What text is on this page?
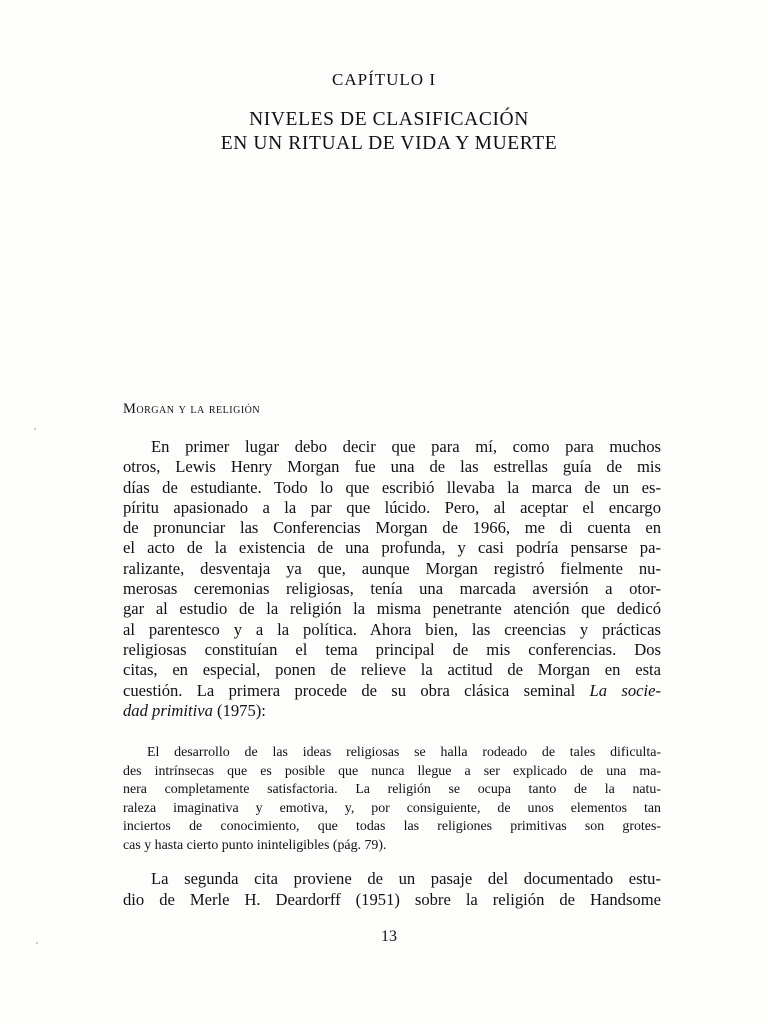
CAPÍTULO I
NIVELES DE CLASIFICACIÓN
EN UN RITUAL DE VIDA Y MUERTE
Morgan y la religión
En primer lugar debo decir que para mí, como para muchos
otros, Lewis Henry Morgan fue una de las estrellas guía de mis
días de estudiante. Todo lo que escribió llevaba la marca de un es-
píritu apasionado a la par que lúcido. Pero, al aceptar el encargo
de pronunciar las Conferencias Morgan de 1966, me di cuenta en
el acto de la existencia de una profunda, y casi podría pensarse pa-
ralizante, desventaja ya que, aunque Morgan registró fielmente nu-
merosas ceremonias religiosas, tenía una marcada aversión a otor-
gar al estudio de la religión la misma penetrante atención que dedicó
al parentesco y a la política. Ahora bien, las creencias y prácticas
religiosas constituían el tema principal de mis conferencias. Dos
citas, en especial, ponen de relieve la actitud de Morgan en esta
cuestión. La primera procede de su obra clásica seminal La socie-
dad primitiva (1975):
El desarrollo de las ideas religiosas se halla rodeado de tales dificulta-
des intrínsecas que es posible que nunca llegue a ser explicado de una ma-
nera completamente satisfactoria. La religión se ocupa tanto de la natu-
raleza imaginativa y emotiva, y, por consiguiente, de unos elementos tan
inciertos de conocimiento, que todas las religiones primitivas son grotes-
cas y hasta cierto punto ininteligibles (pág. 79).
La segunda cita proviene de un pasaje del documentado estu-
dio de Merle H. Deardorff (1951) sobre la religión de Handsome
13
